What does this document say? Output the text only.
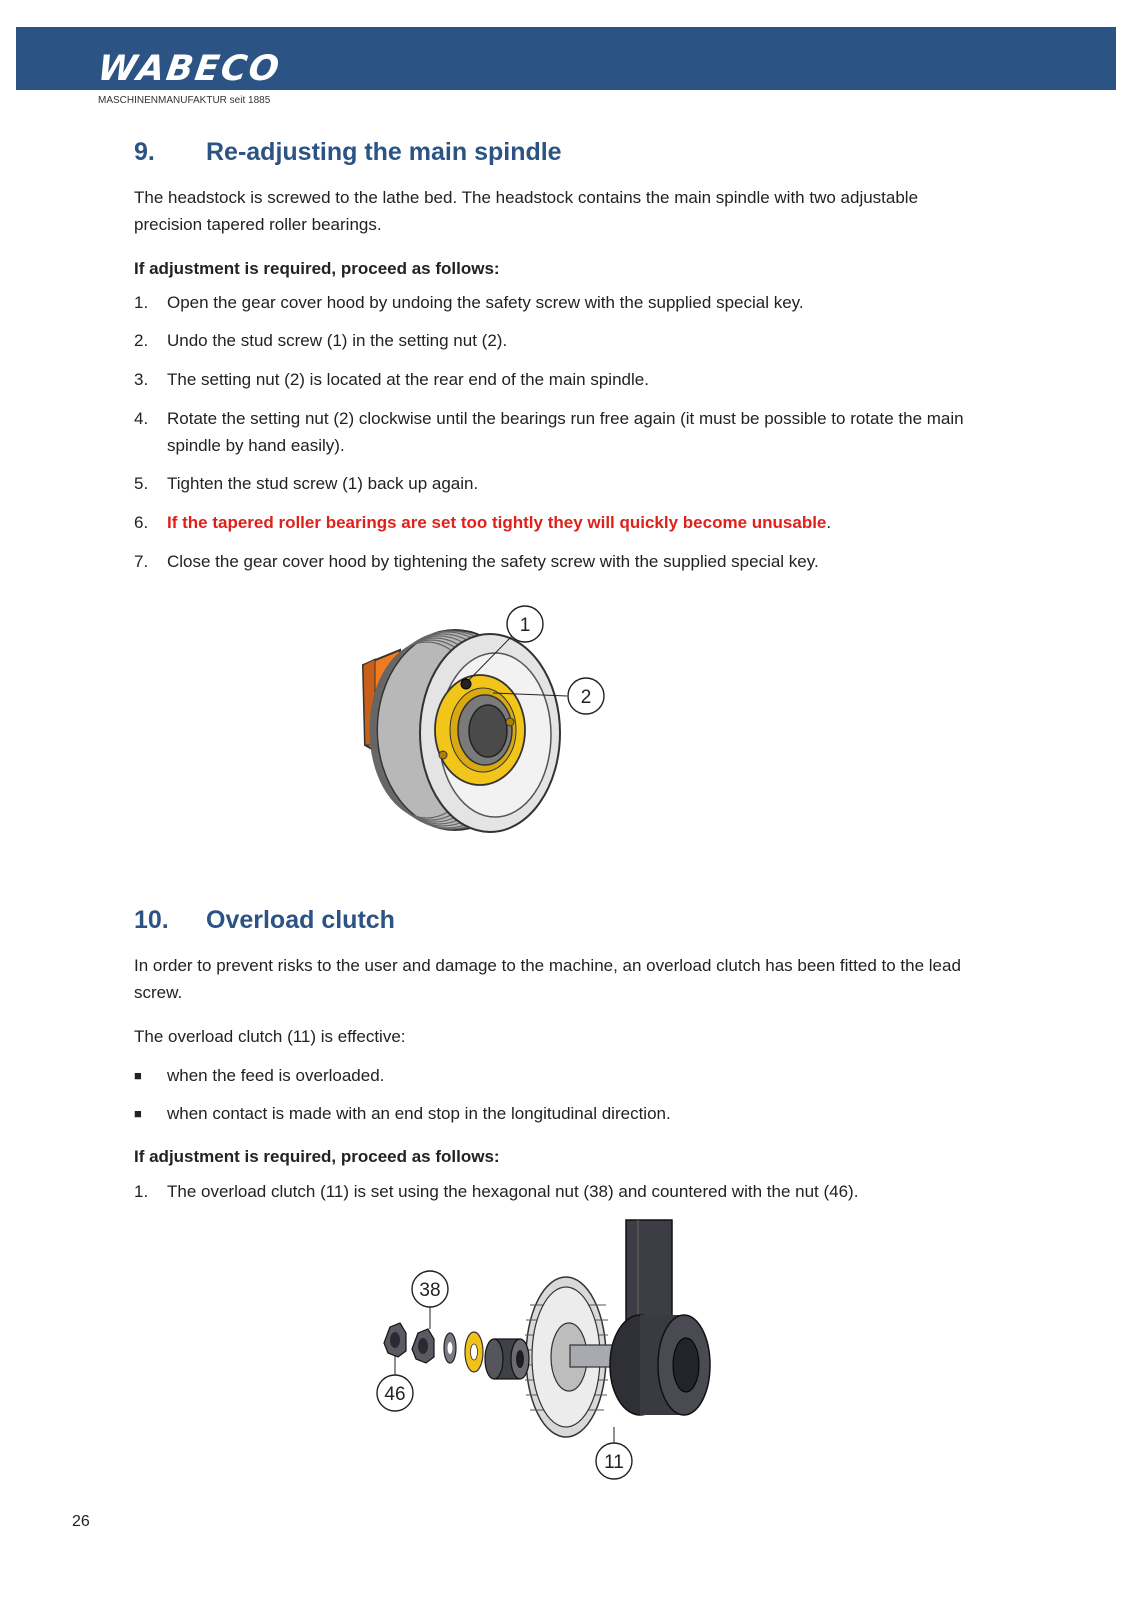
WABECO
MASCHINENMANUFAKTUR seit 1885
9.	Re-adjusting the main spindle

The headstock is screwed to the lathe bed. The headstock contains the main spindle with two adjustable precision tapered roller bearings.

If adjustment is required, proceed as follows:
1.	Open the gear cover hood by undoing the safety screw with the supplied special key.
2.	Undo the stud screw (1) in the setting nut (2).
3.	The setting nut (2) is located at the rear end of the main spindle.
4.	Rotate the setting nut (2) clockwise until the bearings run free again (it must be possible to rotate the main spindle by hand easily).
5.	Tighten the stud screw (1) back up again.
6.	If the tapered roller bearings are set too tightly they will quickly become unusable.
7.	Close the gear cover hood by tightening the safety screw with the supplied special key.
1
2
10.	Overload clutch

In order to prevent risks to the user and damage to the machine, an overload clutch has been fitted to the lead screw.

The overload clutch (11) is effective:

■	when the feed is overloaded.
■	when contact is made with an end stop in the longitudinal direction.
If adjustment is required, proceed as follows:
1.	The overload clutch (11) is set using the hexagonal nut (38) and countered with the nut (46).
38
46
11
26
